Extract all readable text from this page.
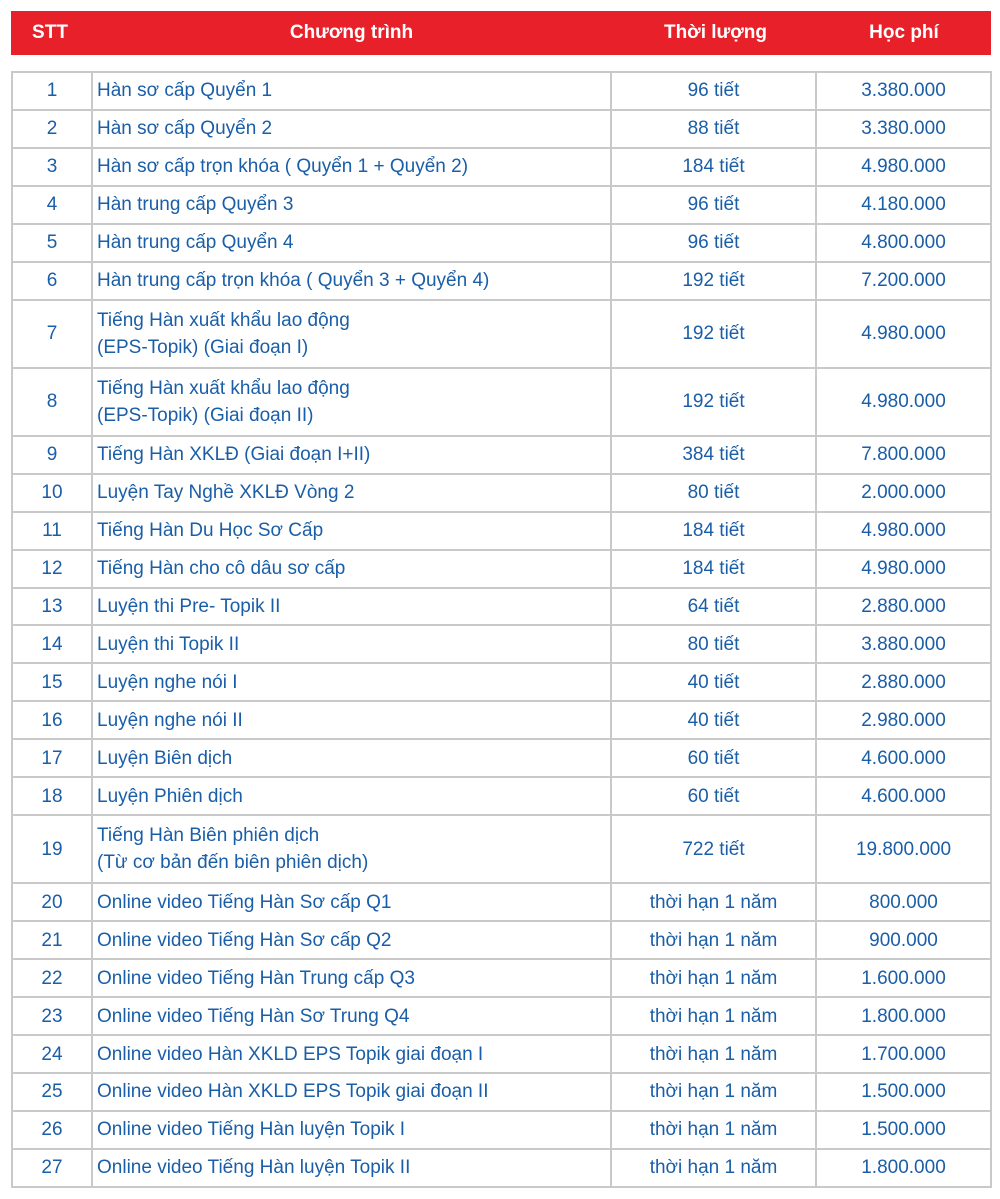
STT	Chương trình	Thời lượng	Học phí
1	Hàn sơ cấp Quyển 1	96 tiết	3.380.000
2	Hàn sơ cấp Quyển 2	88 tiết	3.380.000
3	Hàn sơ cấp trọn khóa ( Quyển 1 + Quyển 2)	184 tiết	4.980.000
4	Hàn trung cấp Quyển 3	96 tiết	4.180.000
5	Hàn trung cấp Quyển 4	96 tiết	4.800.000
6	Hàn trung cấp trọn khóa ( Quyển 3 + Quyển 4)	192 tiết	7.200.000
7	Tiếng Hàn xuất khẩu lao động
(EPS-Topik) (Giai đoạn I)	192 tiết	4.980.000
8	Tiếng Hàn xuất khẩu lao động
(EPS-Topik) (Giai đoạn II)	192 tiết	4.980.000
9	Tiếng Hàn XKLĐ (Giai đoạn I+II)	384 tiết	7.800.000
10	Luyện Tay Nghề XKLĐ Vòng 2	80 tiết	2.000.000
11	Tiếng Hàn Du Học Sơ Cấp	184 tiết	4.980.000
12	Tiếng Hàn cho cô dâu sơ cấp	184 tiết	4.980.000
13	Luyện thi Pre- Topik II	64 tiết	2.880.000
14	Luyện thi Topik II	80 tiết	3.880.000
15	Luyện nghe nói I	40 tiết	2.880.000
16	Luyện nghe nói II	40 tiết	2.980.000
17	Luyện Biên dịch	60 tiết	4.600.000
18	Luyện Phiên dịch	60 tiết	4.600.000
19	Tiếng Hàn Biên phiên dịch
(Từ cơ bản đến biên phiên dịch)	722 tiết	19.800.000
20	Online video Tiếng Hàn Sơ cấp Q1	thời hạn 1 năm	800.000
21	Online video Tiếng Hàn Sơ cấp Q2	thời hạn 1 năm	900.000
22	Online video Tiếng Hàn Trung cấp Q3	thời hạn 1 năm	1.600.000
23	Online video Tiếng Hàn Sơ Trung Q4	thời hạn 1 năm	1.800.000
24	Online video Hàn XKLD EPS Topik giai đoạn I	thời hạn 1 năm	1.700.000
25	Online video Hàn XKLD EPS Topik giai đoạn II	thời hạn 1 năm	1.500.000
26	Online video Tiếng Hàn luyện Topik I	thời hạn 1 năm	1.500.000
27	Online video Tiếng Hàn luyện Topik II	thời hạn 1 năm	1.800.000
